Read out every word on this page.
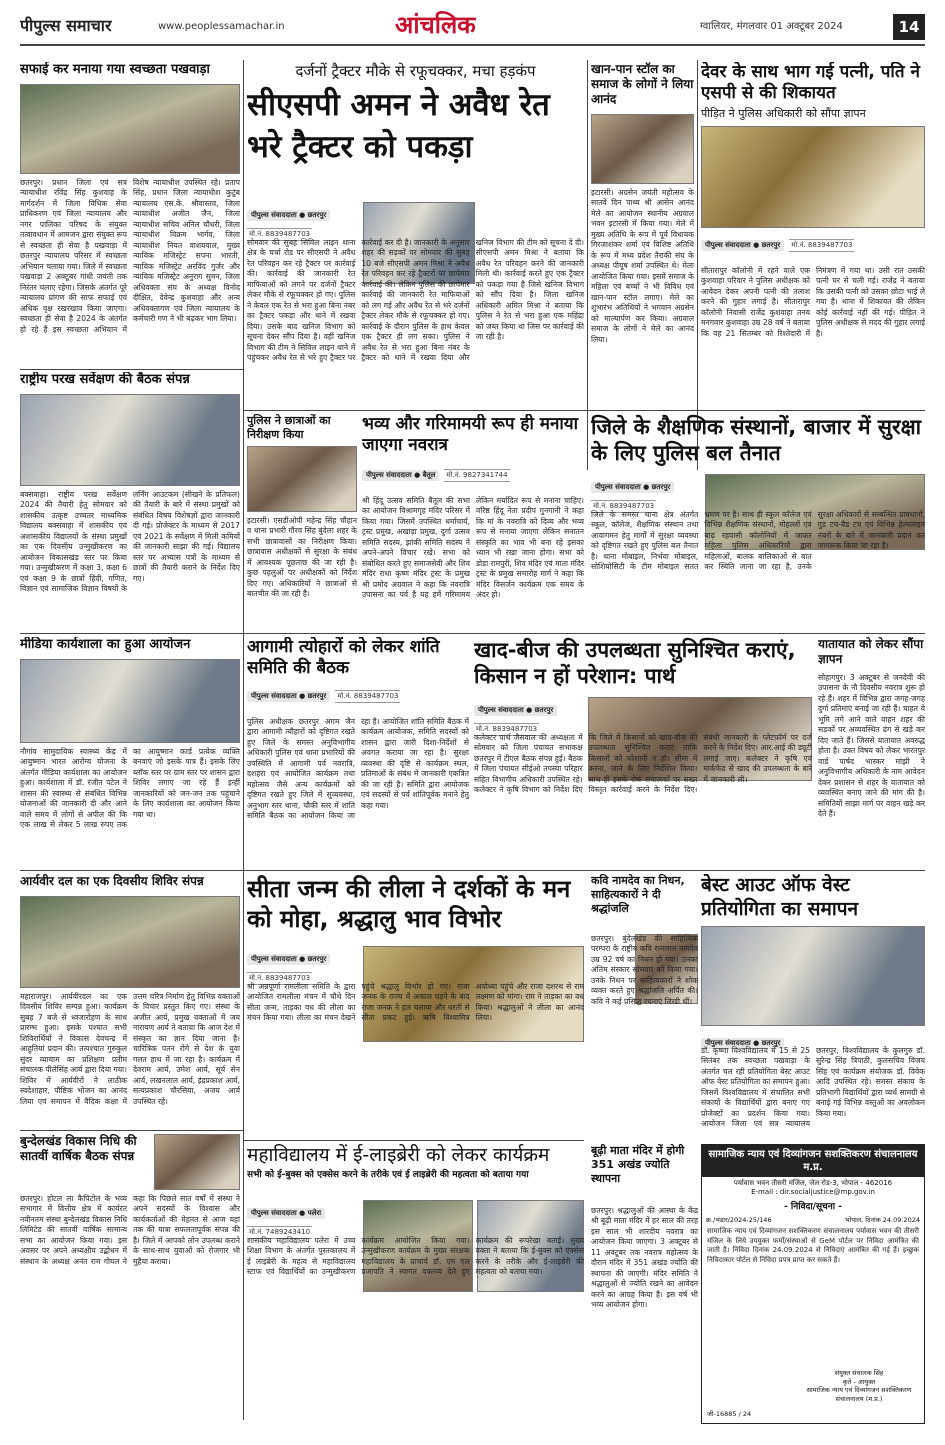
पीपुल्स समाचार	www.peoplessamachar.in	आंचलिक	ग्वालियर, मंगलवार 01 अक्टूबर 2024	14
सफाई कर मनाया गया स्वच्छता पखवाड़ा
छतरपुर। प्रधान जिला एवं सत्र न्यायाधीश रविंद्र सिंह कुशवाह के मार्गदर्शन में जिला विधिक सेवा प्राधिकरण एवं जिला न्यायालय और नगर पालिका परिषद के संयुक्त तत्वावधान में आमजन द्वारा संयुक्त रूप से स्वच्छता ही सेवा है पखवाड़ा में छतरपुर न्यायालय परिसर में स्वच्छता अभियान चलाया गया। जिले में स्वच्छता पखवाड़ा 2 अक्टूबर गांधी जयंती तक निरंतर चलाए रहेगा। जिसके अंतर्गत पूरे न्यायालय प्रांगण की साफ सफाई एवं अधिक वृक्ष रखरखाव किया जाएगा। स्वच्छता ही सेवा है 2024 के अंतर्गत हो रहे हैं इस स्वच्छता अभियान में विशेष न्यायाधीश उपस्थित रहे। प्रताप सिंह, प्रधान जिला न्यायाधीश कुटुंब न्यायालय एस.के. श्रीवास्तव, जिला न्यायाधीश अजीत जैन, जिला न्यायाधीश सचिव अनिल चौधरी, जिला न्यायाधीश विक्रम भार्गव, जिला न्यायाधीश नियत वाशयवाल, मुख्य न्यायिक मजिस्ट्रेट सपना भारती, न्यायिक मजिस्ट्रेट अरविंद गुर्जर और न्यायिक मजिस्ट्रेट अनुराग सुमन, जिला अधिवक्ता संघ के अध्यक्ष विनोद दीक्षित, देवेन्द्र कुशवाहा और अन्य अधिवक्तागण एवं जिला न्यायालय के कर्मचारी गण ने भी बढ़कर भाग लिया।
दर्जनों ट्रैक्टर मौके से रफूचक्कर, मचा हड़कंप
सीएसपी अमन ने अवैध रेत भरे ट्रैक्टर को पकड़ा
पीपुल्स संवाददाता ● छतरपुर मो.नं. 8839487703
सोमवार की सुबह सिविल लाइन थाना क्षेत्र के चर्चा रोड पर सीएसपी ने अवैध रेत परिवहन कर रहे ट्रैक्टर पर कार्रवाई की। कार्रवाई की जानकारी रेत माफियाओं को लगने पर दर्जनों ट्रैक्टर लेकर मौके से रफूचक्कर हो गए। पुलिस ने केवल एक रेत से भरा हुआ बिना नंबर का ट्रैक्टर पकड़ा और थाने में रखवा दिया। उसके बाद खनिज विभाग को सूचना देकर सौंप दिया है। वहीं खनिज विभाग की टीम ने सिविल लाइन थाने में पहुंचकर अवैध रेत से भरे हुए ट्रैक्टर पर कार्रवाई कर दी है। जानकारी के अनुसार शहर की सड़कों पर सोमवार की सुबह 10 बजे सीएसपी अमन मिश्रा ने अवैध रेत परिवहन कर रहे ट्रैक्टरों पर छापेमार कार्रवाई की। लेकिन पुलिस की छापेमार कार्रवाई की जानकारी रेत माफियाओं को लग गई और अवैध रेत से भरे दर्जनों ट्रैक्टर लेकर मौके से रफूचक्कर हो गए। कार्रवाई के दौरान पुलिस के हाथ केवल एक ट्रैक्टर ही लग सका। पुलिस ने अवैध रेत से भरा हुआ बिना नंबर के ट्रैक्टर को थाने में रखवा दिया और खनिज विभाग की टीम को सूचना दे दी। सीएसपी अमन मिश्रा ने बताया कि अवैध रेत परिवहन करने की जानकारी मिली थी। कार्रवाई करते हुए एक ट्रैक्टर को पकड़ा गया है जिसे खनिज विभाग को सौंप दिया है। जिला खनिज अधिकारी अमित मिश्रा ने बताया कि पुलिस ने रेत से भरा हुआ एक महिंद्रा को जब्त किया था जिस पर कार्रवाई की जा रही है।
खान-पान स्टॉल का समाज के लोगों ने लिया आनंद
इटारसी। अग्रसेन जयंती महोत्सव के सातवें दिन पाथ्य श्री आसेन आनंद मेले का आयोजन स्थानीय अग्रवाल भवन इटारसी में किया गया। मेले में मुख्य अतिथि के रूप में पूर्व विधायक गिरजाशंकर शर्मा एवं विशिष्ट अतिथि के रूप में मध्य प्रदेश तैराकी संघ के अध्यक्ष पीयूष शर्मा उपस्थित थे। मेला आयोजित किया गया। इसमें समाज के महिला एवं बच्चों ने भी विविध एवं खान-पान स्टॉल लगाए। मेले का शुभारंभ अतिथियों ने भगवान अग्रसेन को माल्यार्पण कर किया। अग्रवाल समाज के लोगों ने मेले का आनंद लिया।
देवर के साथ भाग गई पत्नी, पति ने एसपी से की शिकायत
पीड़ित ने पुलिस अधिकारी को सौंपा ज्ञापन
पीपुल्स संवाददाता ● छतरपुर मो.नं. 8839487703
सीतारापुर कॉलोनी में रहने वाले एक कुशवाहा परिवार ने पुलिस अधीक्षक को आवेदन देकर अपनी पत्नी की तलाश करने की गुहार लगाई है। सीतारापुर कॉलोनी निवासी राजेंद्र कुशवाहा तनय मनगवार कुशवाहा उम्र 28 वर्ष ने बताया कि वह 21 सितम्बर को रिश्तेदारी में निमंत्रण में गया था। उसी रात उसकी पत्नी घर से चली गई। राजेंद्र ने बताया कि उसकी पत्नी को उसका छोटा भाई ले गया है। थाना में शिकायत की लेकिन कोई कार्रवाई नहीं की गई। पीड़ित ने पुलिस अधीक्षक से मदद की गुहार लगाई है।
राष्ट्रीय परख सर्वेक्षण की बैठक संपन्न
बक्सवाहा। राष्ट्रीय परख सर्वेक्षण 2024 की तैयारी हेतु सोमवार को शासकीय उत्कृष्ट उच्चतर माध्यमिक विद्यालय बक्सवाहा में शासकीय एवं अशासकीय विद्यालयों के संस्था प्रमुखों का एक दिवसीय उन्मुखीकरण का आयोजन विकासखंड स्तर पर किया गया। उन्मुखीकरण में कक्षा 3, कक्षा 6 एवं कक्षा 9 के छात्रों हिंदी, गणित, विज्ञान एवं सामाजिक विज्ञान विषयों के लर्निंग आउटकम (सीखने के प्रतिफल) की तैयारी के बारे में संस्था प्रमुखों को संबंधित विषय विशेषज्ञों द्वारा जानकारी दी गई। प्रोजेक्टर के माध्यम से 2017 एवं 2021 के सर्वेक्षण में मिली कमियों की जानकारी साझा की गई। विद्यालय स्तर पर अभ्यास पत्रों के माध्यम से छात्रों की तैयारी कराने के निर्देश दिए गए।
पुलिस ने छात्राओं का निरीक्षण किया
इटारसी। एसडीओपी महेन्द्र सिंह चौहान व थाना प्रभारी गौरव सिंह बुंदेला शहर के सभी छात्रावासों का निरीक्षण किया। छात्रावास अधीक्षकों से सुरक्षा के संबंध में आवश्यक पूछताछ की जा रही है। कुछ पहलुओं पर अधीक्षकों को निर्देश दिए गए। अधिकारियों ने छात्राओं से बातचीत की जा रही है।
भव्य और गरिमामयी रूप ही मनाया जाएगा नवरात्र
पीपुल्स संवाददाता ● बैतूल मो.नं. 9827341744
श्री हिंदू उत्सव समिति बैतूल की सभा का आयोजन विश्रामगृह मंदिर परिसर में किया गया। जिसमें उपस्थित धर्माचार्य, ट्रस्ट प्रमुख, अखाड़ा प्रमुख, दुर्गा उत्सव समिति सदस्य, झांकी समिति सदस्य ने अपने-अपने विचार रखे। सभा को संबोधित करते हुए समाजसेवी और शिव मंदिर राधा कृष्ण मंदिर ट्रस्ट के प्रमुख श्री प्रमोद अग्रवाल ने कहा कि नवरात्रि उपासना का पर्व है यह हमें गरिमामय लेकिन मर्यादित रूप से मनाना चाहिए। वरिष्ठ हिंदू नेता प्रदीप गुनगानी ने कहा कि मां के नवरात्रि को दिव्य और भव्य रूप से मनाया जाएगा लेकिन सनातन संस्कृति का भाव भी बना रहे इसका ध्यान भी रखा जाना होगा। सभा को डोडा रामपुरी, शिव मंदिर एवं माता मंदिर ट्रस्ट के प्रमुख समारोह मार्ग ने कहा कि मंदिर विसर्जन कार्यक्रम एक समय के अंदर हो।
जिले के शैक्षणिक संस्थानों, बाजार में सुरक्षा के लिए पुलिस बल तैनात
पीपुल्स संवाददाता ● छतरपुर मो.नं. 8839487703
जिले के समस्त थाना क्षेत्र अंतर्गत स्कूल, कॉलेज, शैक्षणिक संस्थान तथा आवागमन हेतु मार्गों में सुरक्षा व्यवस्था को दृष्टिगत रखते हुए पुलिस बल तैनात है। थाना मोबाइल, निर्भया मोबाइल, सोशियोसिटी के टीम मोबाइल सतत भ्रमण पर है। साथ ही स्कूल कॉलेज एवं विभिन्न शैक्षणिक संस्थानों, मोहल्लों एवं बाढ़ रहवासी कॉलोनियों में जाकर महिला पुलिस अधिकारियों द्वारा महिलाओं, बालक बालिकाओं से बात कर स्थिति जाना जा रहा है, उनके सुरक्षा अधिकारों से सम्बन्धित प्रावधानों, गुड टच-बैड टच एवं विभिन्न हेल्पलाइन नंबरों के बारे में जानकारी प्रदान कर जागरूक किया जा रहा है।
मीडिया कार्यशाला का हुआ आयोजन
नौगांव सामुदायिक स्वास्थ्य केंद्र में आयुष्मान भारत आरोग्य योजना के अंतर्गत मीडिया कार्यशाला का आयोजन हुआ। कार्यशाला में डॉ. रंजीत पटेल ने शासन की स्वास्थ्य से संबंधित विभिन्न योजनाओं की जानकारी दी और आने वाले समय में लोगों से अपील की कि एक लाख से लेकर 5 लाख रुपए तक का आयुष्मान कार्ड प्रत्येक व्यक्ति बनवाएं जो इसके पात्र हैं। इसके लिए ब्लॉक स्तर पर ग्राम स्तर पर शासन द्वारा शिविर लगाए जा रहे हैं इन्हीं जानकारियों को जन-जन तक पहुंचाने के लिए कार्यशाला का आयोजन किया गया था।
आगामी त्योहारों को लेकर शांति समिति की बैठक
पीपुल्स संवाददाता ● छतरपुर मो.नं. 8839487703
पुलिस अधीक्षक छतरपुर अगम जैन द्वारा आगामी त्यौहारों को दृष्टिगत रखते हुए जिले के समस्त अनुविभागीय अधिकारी पुलिस एवं थाना प्रभारियों की उपस्थिति में आगामी पर्व नवरात्रि, दशहरा एवं आयोजित कार्यक्रम तथा महोत्सव जैसे अन्य कार्यक्रमों को दृष्टिगत रखते हुए जिले में सुव्यवस्था, अनुभाग स्तर थाना, चौकी स्तर में शांति समिति बैठक का आयोजन किया जा रहा है। आयोजित शांति समिति बैठक में कार्यक्रम आयोजक, समिति सदस्यों को शासन द्वारा जारी दिशा-निर्देशों से अवगत कराया जा रहा है। सुरक्षा व्यवस्था की दृष्टि से कार्यक्रम स्थल, प्रतिमाओं के संबंध में जानकारी एकत्रित की जा रही है। समिति द्वारा आयोजक एवं सदस्यों से पर्व शांतिपूर्वक मनाने हेतु कहा गया।
खाद-बीज की उपलब्धता सुनिश्चित कराएं, किसान न हों परेशान: पार्थ
पीपुल्स संवाददाता ● छतरपुर मो.नं. 8839487703
कलेक्टर पार्थ जैसवाल की अध्यक्षता में सोमवार को जिला पंचायत सभाकक्ष छतरपुर में टीएल बैठक संपन्न हुई। बैठक में जिला पंचायत सीईओ तपस्या परिहार सहित विभागीय अधिकारी उपस्थित रहे। कलेक्टर ने कृषि विभाग को निर्देश दिए कि जिले में किसानों को खाद-बीज की उपलब्धता सुनिश्चित कराएं ताकि किसानों को परेशानी न हो। सीमा में करना, जाने के लिए निर्देशित किया। साथ ही इसके रोक संचालकों पर सख्त विस्तृत कार्रवाई करने के निर्देश दिए। संबंधी जानकारी के प्लेटफ़ॉर्म पर दर्ज करने के निर्देश दिए। आर.आई की ड्यूटी लगाई जाए। कलेक्टर ने कृषि एवं मार्कफेड से खाद की उपलब्धता के बारे में जानकारी ली।
यातायात को लेकर सौंपा ज्ञापन
सोहागपुर। 3 अक्टूबर से जनदेवी की उपासना के नौ दिवसीय नवरात्र शुरू हो रहे हैं। शहर में विभिन्न द्वारा जगह-जगह दुर्गा प्रतिमाएं बनाई जा रही हैं। चाहत ये भूमि लगे आने वाले वाहन शहर की सड़कों पर अव्यवस्थित ढंग से खड़े कर दिए जाते हैं। जिससे यातायात अवरुद्ध होता है। उक्त विषय को लेकर भारतपुर वार्ड पार्षद भास्कर मांझी ने अनुविभागीय अधिकारी के नाम आवेदन देकर प्रशासन से शहर के यातायात को व्यवस्थित बनाए जाने की मांग की है। समितियों साझा मार्ग पर वाहन खड़े कर देते हैं।
आर्यवीर दल का एक दिवसीय शिविर संपन्न
महाराजपुर। आर्यवीरदल का एक दिवसीय शिविर सम्पन्न हुआ। कार्यक्रम सुबह 7 बजे से ध्वजारोहण के साथ प्रारम्भ हुआ। इसके पश्चात सभी शिविरार्थियों ने विकास देवचन्द्र में आहुतियां प्रदान की। तत्पश्चात गुरुकुल सुंदर व्यायाम का प्रशिक्षण प्रतीम संचालक पीलेसिंह आर्य द्वारा दिया गया। शिविर में आर्यवीरों ने लाठीक स्वदेशाहार, पौष्टिक भोजन का आनंद लिया एवं समापन में वैदिक कक्षा में उत्तम चरित्र निर्माण हेतु विभिन्न वक्ताओं के विचार प्रस्तुत किए गए। संस्था के अजीत आर्य, प्रमुख वक्ताओं में जय नारायण आर्य ने बताया कि आज देश में संस्कृत का ज्ञान दिया जाना है। चारित्रिक पतन रोगे से देश के युवा गलत हाथ में जा रहा है। कार्यक्रम में देवराम आर्य, उमेश आर्य, सूर्य सेन आर्य, लखनलाल आर्य, इंद्रप्रकाश आर्य, सत्यप्रकाश चौरसिया, अजय आर्य उपस्थित रहे।
सीता जन्म की लीला ने दर्शकों के मन को मोहा, श्रद्धालु भाव विभोर
पीपुल्स संवाददाता ● छतरपुर मो.नं. 8839487703
श्री अन्नपूर्णा रामलीला समिति के द्वारा आयोजित रामलीला मंचन में चौथे दिन सीता जन्म, ताड़का वध की लीला का मंचन किया गया। लीला का मंचन देखने पहुंचे श्रद्धालु विभोर हो गए। राजा जनक के राज्य में अकाल पड़ने के बाद राजा जनक ने हल चलाया और धरती से सीता प्रकट हुई। ऋषि विश्वामित्र अयोध्या पहुंचे और राजा दशरथ से राम लक्ष्मण को मांगा। राम ने ताड़का का वध किया। श्रद्धालुओं ने लीला का आनंद लिया।
कवि नामदेव का निधन, साहित्यकारों ने दी श्रद्धांजलि
छतरपुर। बुंदेलखंड की साहित्यिक परम्परा के राष्ट्रीय कवि रत्नलाल नामदेव उम्र 92 वर्ष का निधन हो गया। उनका अंतिम संस्कार सोमवार को किया गया। उनके निधन पर साहित्यकारों ने शोक व्यक्त करते हुए श्रद्धांजलि अर्पित की। कवि ने कई प्रसिद्ध रचनाएं लिखी थीं।
बेस्ट आउट ऑफ वेस्ट प्रतियोगिता का समापन
पीपुल्स संवाददाता ● छतरपुर
डॉ. कृष्णा विश्वविद्यालय में 15 से 25 सितंबर तक स्वच्छता पखवाड़ा के अंतर्गत चल रही प्रतियोगिता बेस्ट आउट ऑफ वेस्ट प्रतियोगिता का समापन हुआ। जिसमें विश्वविद्यालय में संचालित सभी संकायों के विद्यार्थियों द्वारा बनाए गए प्रोजेक्टों का प्रदर्शन किया गया। आयोजन जिला एवं सत्र न्यायालय छतरपुर, विश्वविद्यालय के कुलगुरु डॉ. सुरेन्द्र सिंह त्रिपाठी, कुलसचिव विजय सिंह एवं कार्यक्रम संयोजक डॉ. विवेक आदि उपस्थित रहे। समस्त संकाय के प्रतिभागी विद्यार्थियों द्वारा व्यर्थ सामग्री से बनाई गई विभिन्न वस्तुओं का अवलोकन किया गया।
बुन्देलखंड विकास निधि की सातवीं वार्षिक बैठक संपन्न
छतरपुर। होटल ला कैपिटोल के भव्य सभागार में वित्तीय क्षेत्र में कार्यरत नवीनतम संस्था बुन्देलखंड विकास निधि लिमिटेड की सातवीं वार्षिक सामान्य सभा का आयोजन किया गया। इस अवसर पर अपने अध्यक्षीय उद्बोधन में संस्थान के अध्यक्ष अनंत राम गोयल ने कहा कि पिछले सात वर्षों में संस्था ने अपने सदस्यों के विश्वास और कार्यकर्ताओं की मेहनत से आज यहां तक की यात्रा सफलतापूर्वक संपन्न की है। जिले में आपको लोन उपलब्ध कराने के साथ-साथ युवाओं को रोजगार भी मुहैया कराया।
महाविद्यालय में ई-लाइब्रेरी को लेकर कार्यक्रम
सभी को ई-बुक्स को एक्सेस करने के तरीके एवं ई लाइब्रेरी की महत्वता को बताया गया
पीपुल्स संवाददाता ● पलेरा मो.नं. 7489243410
शासकीय महाविद्यालय पलेरा में उच्च शिक्षा विभाग के अंतर्गत पुस्तकालय में ई लाइब्रेरी के महत्व से महाविद्यालय स्टाफ एवं विद्यार्थियों का उन्मुखीकरण कार्यक्रम आयोजित किया गया। उन्मुखीकरण कार्यक्रम के मुख्य संरक्षक महाविद्यालय के प्राचार्य डॉ. एम एल प्रजापति ने स्वागत वक्तव्य देते हुए कार्यक्रम की रूपरेखा बताई। मुख्य वक्ता ने बताया कि ई-बुक्स को एक्सेस करने के तरीके और ई-लाइब्रेरी की महत्वता को बताया गया।
बूढ़ी माता मंदिर में होगी 351 अखंड ज्योति स्थापना
छतरपुर। श्रद्धालुओं की आस्था के केंद्र श्री बूढ़ी माता मंदिर में हर साल की तरह इस साल भी शारदीय नवरात्र का आयोजन किया जाएगा। 3 अक्टूबर से 11 अक्टूबर तक नवरात्र महोत्सव के दौरान मंदिर में 351 अखंड ज्योति की स्थापना की जाएगी। मंदिर समिति ने श्रद्धालुओं से ज्योति रखने का आवेदन करने का आग्रह किया है। इस वर्ष भी भव्य आयोजन होगा।
सामाजिक न्याय एवं दिव्यांगजन सशक्तिकरण संचालनालय म.प्र.
पर्यावास भवन तीसरी मंजिल, जेल रोड-3, भोपाल - 462016
E-mail : dir.socialjustice@mp.gov.in
- निविदा/सूचना -
क्र./भंडार/2024-25/146	भोपाल, दिनांक 24.09.2024
सामाजिक न्याय एवं दिव्यांगजन सशक्तिकरण संचालनालय पर्यावास भवन की तीसरी मंजिल के लिये उपयुक्त फर्मों/संस्थाओं से GeM पोर्टल पर निविदा आमंत्रित की जाती है। निविदा दिनांक 24.09.2024 से निविदाएं आमंत्रित की गई हैं। इच्छुक निविदाकार पोर्टल से निविदा प्रपत्र प्राप्त कर सकते हैं।
संयुक्त संचालक सिंह
कृते - आयुक्त
सामाजिक न्याय एवं दिव्यांगजन सशक्तिकरण संचालनालय (म.प्र.)
जी-16885 / 24
